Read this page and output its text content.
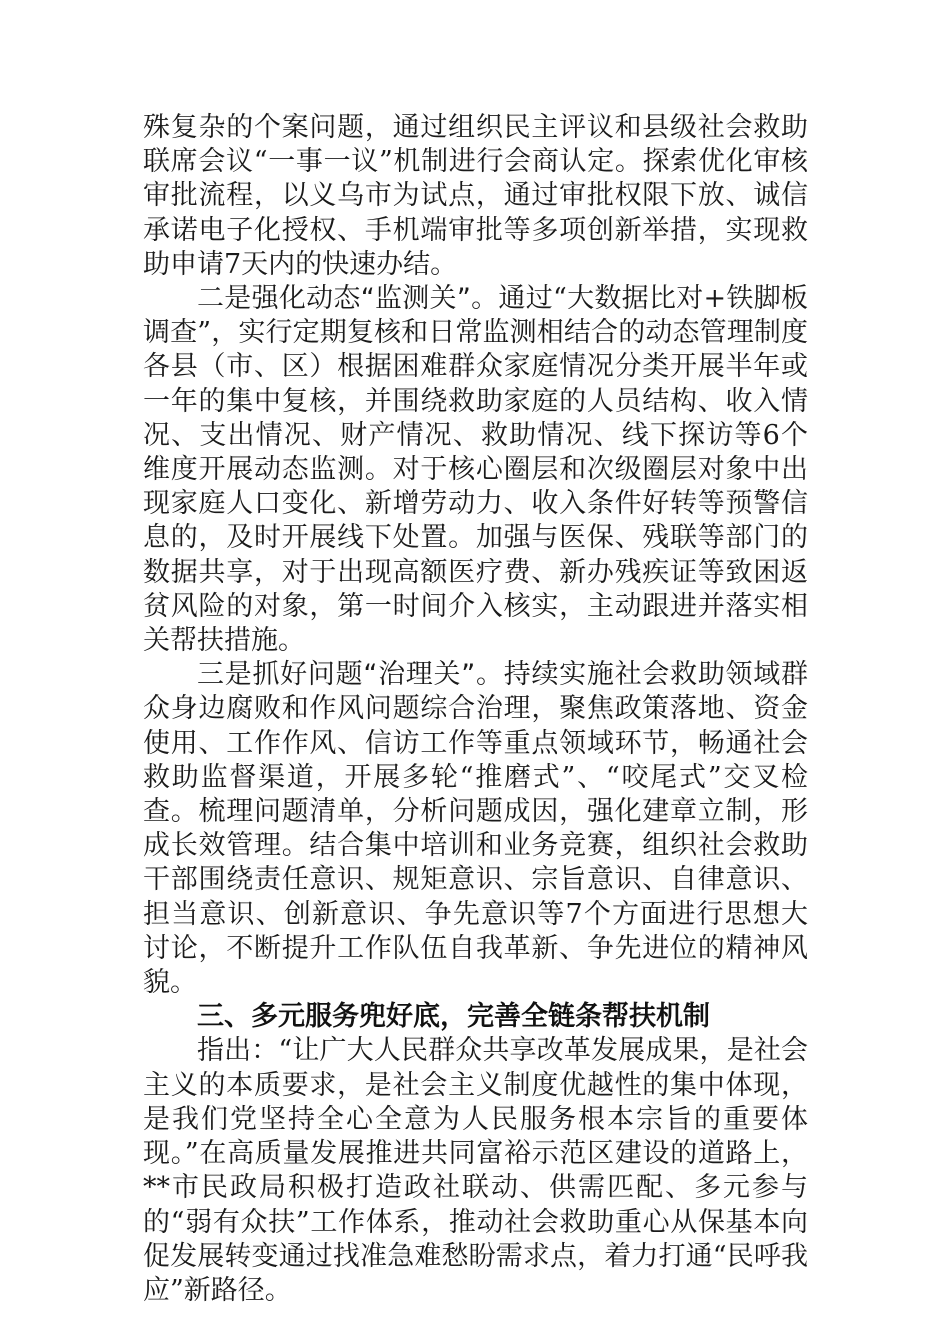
殊复杂的个案问题，通过组织民主评议和县级社会救助联席会议“一事一议”机制进行会商认定。探索优化审核审批流程，以义乌市为试点，通过审批权限下放、诚信承诺电子化授权、手机端审批等多项创新举措，实现救助申请7天内的快速办结。

二是强化动态“监测关”。通过“大数据比对+铁脚板调查”，实行定期复核和日常监测相结合的动态管理制度各县（市、区）根据困难群众家庭情况分类开展半年或一年的集中复核，并围绕救助家庭的人员结构、收入情况、支出情况、财产情况、救助情况、线下探访等6个维度开展动态监测。对于核心圈层和次级圈层对象中出现家庭人口变化、新增劳动力、收入条件好转等预警信息的，及时开展线下处置。加强与医保、残联等部门的数据共享，对于出现高额医疗费、新办残疾证等致困返贫风险的对象，第一时间介入核实，主动跟进并落实相关帮扶措施。

三是抓好问题“治理关”。持续实施社会救助领域群众身边腐败和作风问题综合治理，聚焦政策落地、资金使用、工作作风、信访工作等重点领域环节，畅通社会救助监督渠道，开展多轮“推磨式”、“咬尾式”交叉检查。梳理问题清单，分析问题成因，强化建章立制，形成长效管理。结合集中培训和业务竞赛，组织社会救助干部围绕责任意识、规矩意识、宗旨意识、自律意识、担当意识、创新意识、争先意识等7个方面进行思想大讨论，不断提升工作队伍自我革新、争先进位的精神风貌。

三、多元服务兜好底，完善全链条帮扶机制

指出：“让广大人民群众共享改革发展成果，是社会主义的本质要求，是社会主义制度优越性的集中体现，是我们党坚持全心全意为人民服务根本宗旨的重要体现。”在高质量发展推进共同富裕示范区建设的道路上，**市民政局积极打造政社联动、供需匹配、多元参与的“弱有众扶”工作体系，推动社会救助重心从保基本向促发展转变通过找准急难愁盼需求点，着力打通“民呼我应”新路径。
